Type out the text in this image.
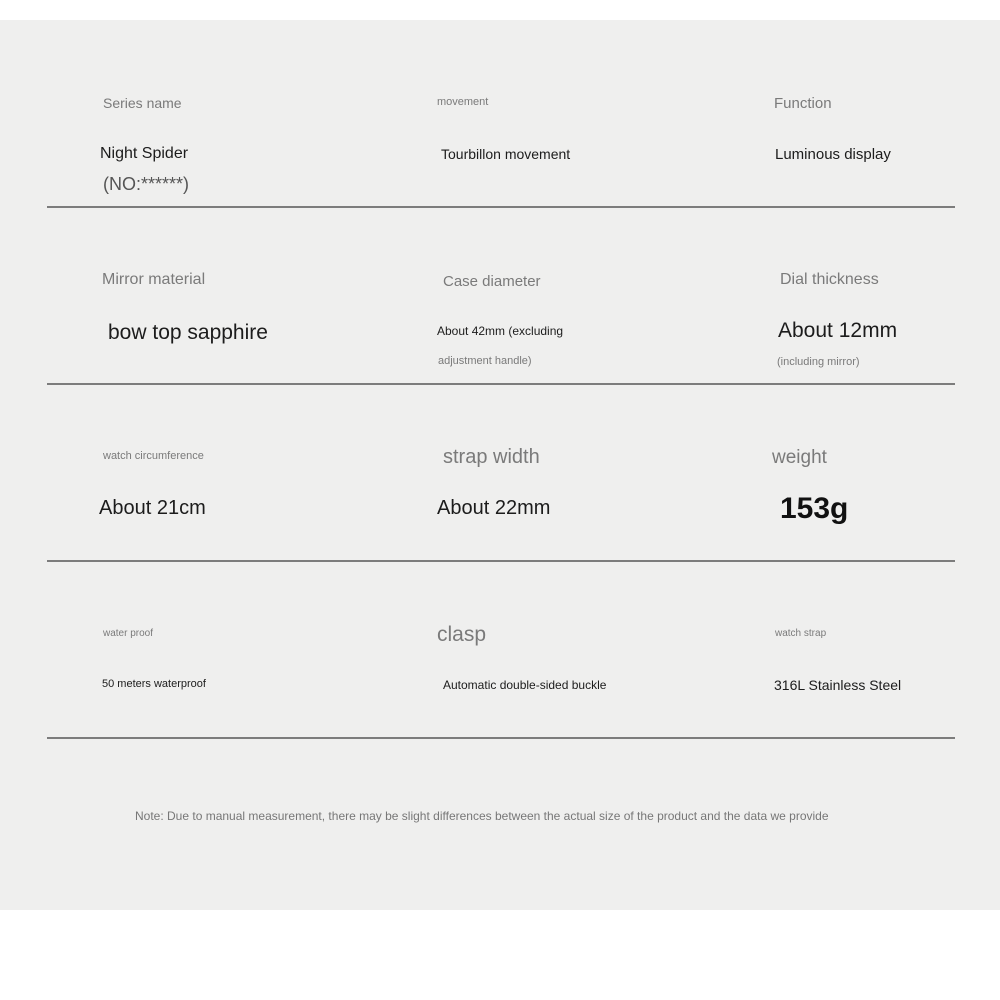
Series name
Night Spider
(NO:******)
movement
Tourbillon movement
Function
Luminous display
Mirror material
bow top sapphire
Case diameter
About 42mm (excluding
adjustment handle)
Dial thickness
About 12mm
(including mirror)
watch circumference
About 21cm
strap width
About 22mm
weight
153g
water proof
50 meters waterproof
clasp
Automatic double-sided buckle
watch strap
316L Stainless Steel
Note: Due to manual measurement, there may be slight differences between the actual size of the product and the data we provide
